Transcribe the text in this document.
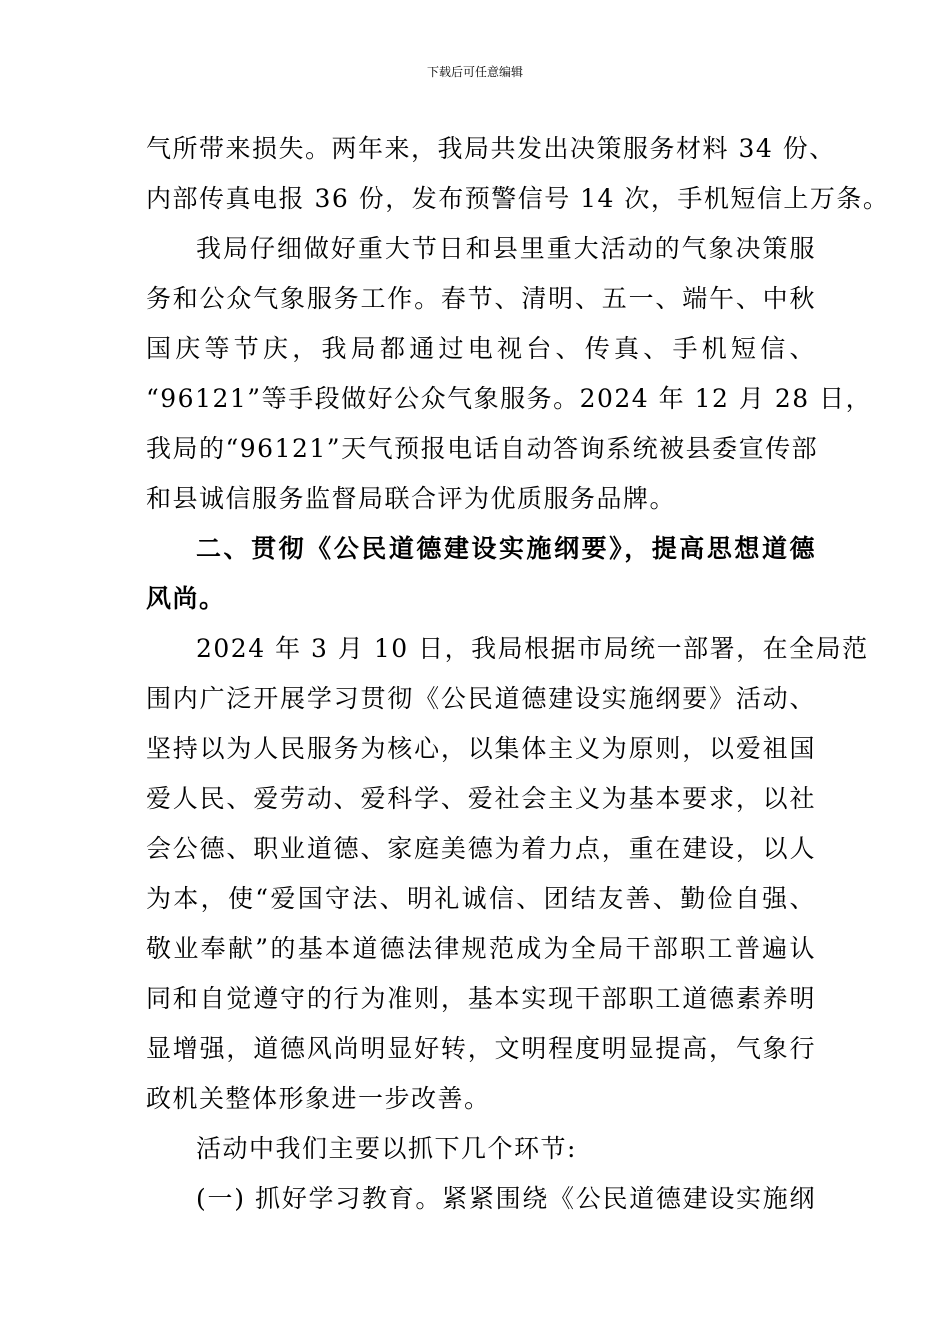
下载后可任意编辑
气所带来损失。两年来，我局共发出决策服务材料 34 份、
内部传真电报 36 份，发布预警信号 14 次，手机短信上万条。
我局仔细做好重大节日和县里重大活动的气象决策服
务和公众气象服务工作。春节、清明、五一、端午、中秋
国庆等节庆，我局都通过电视台、传真、手机短信、
“96121”等手段做好公众气象服务。2024 年 12 月 28 日，
我局的“96121”天气预报电话自动答询系统被县委宣传部
和县诚信服务监督局联合评为优质服务品牌。
二、贯彻《公民道德建设实施纲要》，提高思想道德
风尚。
2024 年 3 月 10 日，我局根据市局统一部署，在全局范
围内广泛开展学习贯彻《公民道德建设实施纲要》活动、
坚持以为人民服务为核心，以集体主义为原则，以爱祖国
爱人民、爱劳动、爱科学、爱社会主义为基本要求，以社
会公德、职业道德、家庭美德为着力点，重在建设，以人
为本，使“爱国守法、明礼诚信、团结友善、勤俭自强、
敬业奉献”的基本道德法律规范成为全局干部职工普遍认
同和自觉遵守的行为准则，基本实现干部职工道德素养明
显增强，道德风尚明显好转，文明程度明显提高，气象行
政机关整体形象进一步改善。
活动中我们主要以抓下几个环节:
(一) 抓好学习教育。紧紧围绕《公民道德建设实施纲
